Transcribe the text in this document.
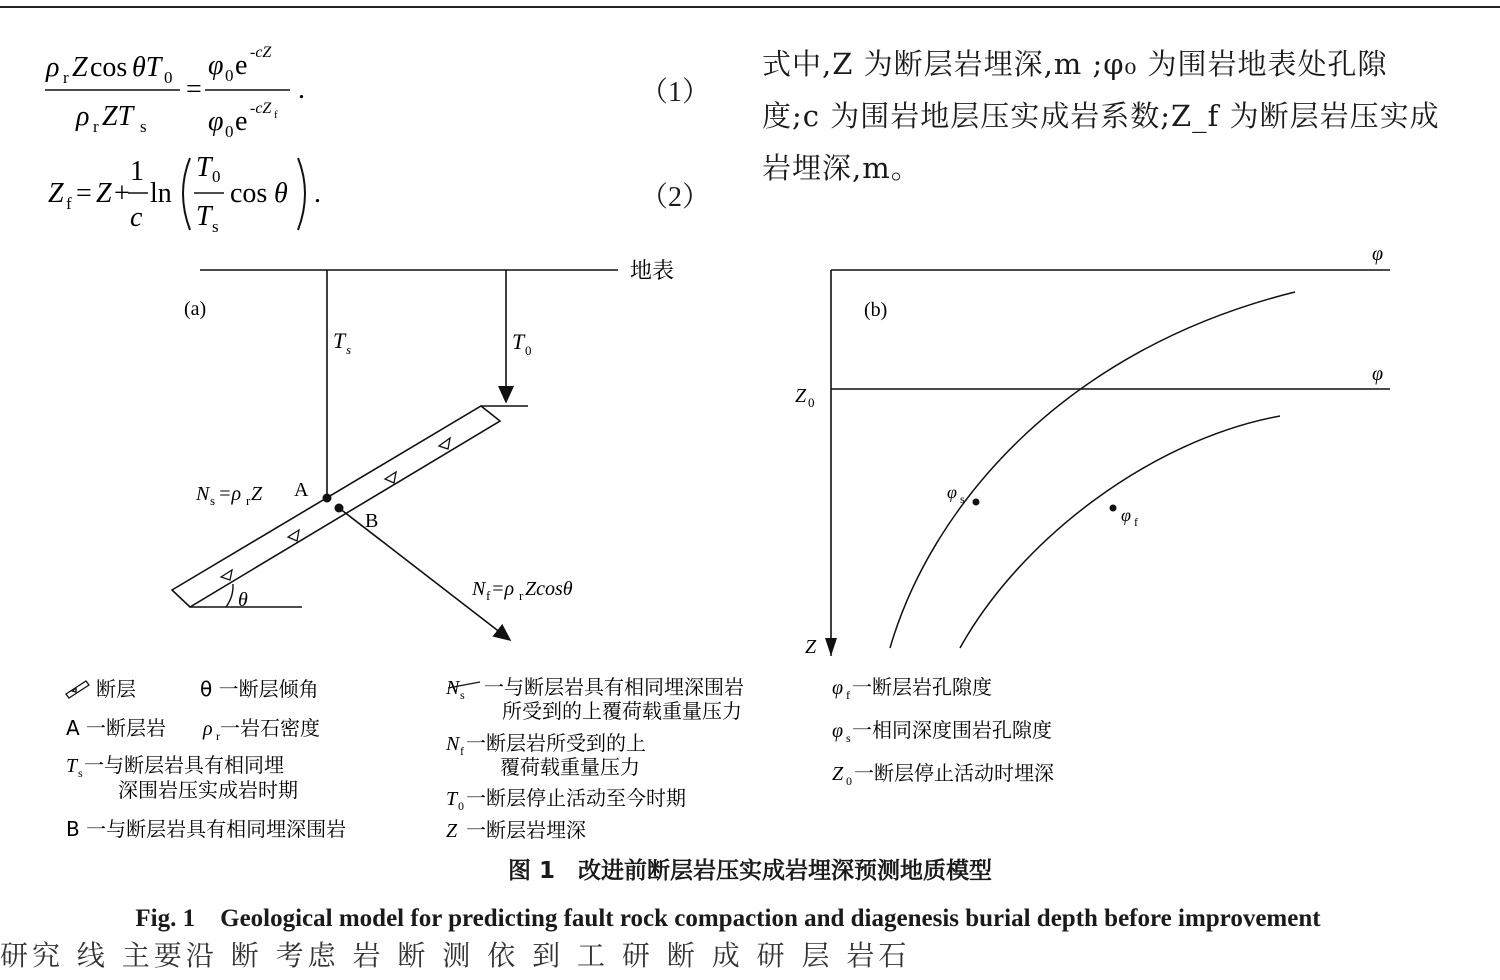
ρ r Z cos θT 0
ρ r ZT s
=
φ 0 e -cZ
φ 0 e -cZ f
.
Z f = Z +
1
c
ln
T 0
T s
cos θ .
（1）
（2）
式中,Z 为断层岩埋深,m ;φ₀ 为围岩地表处孔隙
度;c 为围岩地层压实成岩系数;Z_f 为断层岩压实成
岩埋深,m。
地表
(a)
T s	T 0
θ
A
B
N s =ρ r Z
N f =ρ r Zcosθ
φ
Z
(b)
φ
Z 0
φ s
φ f
断层	θ 一断层倾角
A 一断层岩 ρ r 一岩石密度
T s 一与断层岩具有相同埋
深围岩压实成岩时期
B 一与断层岩具有相同埋深围岩
N s 一与断层岩具有相同埋深围岩
所受到的上覆荷载重量压力
N f 一断层岩所受到的上
覆荷载重量压力
T 0 一断层停止活动至今时期
Z 一断层岩埋深
φ f 一断层岩孔隙度
φ s 一相同深度围岩孔隙度
Z 0 一断层停止活动时埋深
图 1　改进前断层岩压实成岩埋深预测地质模型
Fig. 1　Geological model for predicting fault rock compaction and diagenesis burial depth before improvement
研究 线 主要沿 断 考虑 岩 断 测 依 到 工 研 断 成 研 层 岩石
